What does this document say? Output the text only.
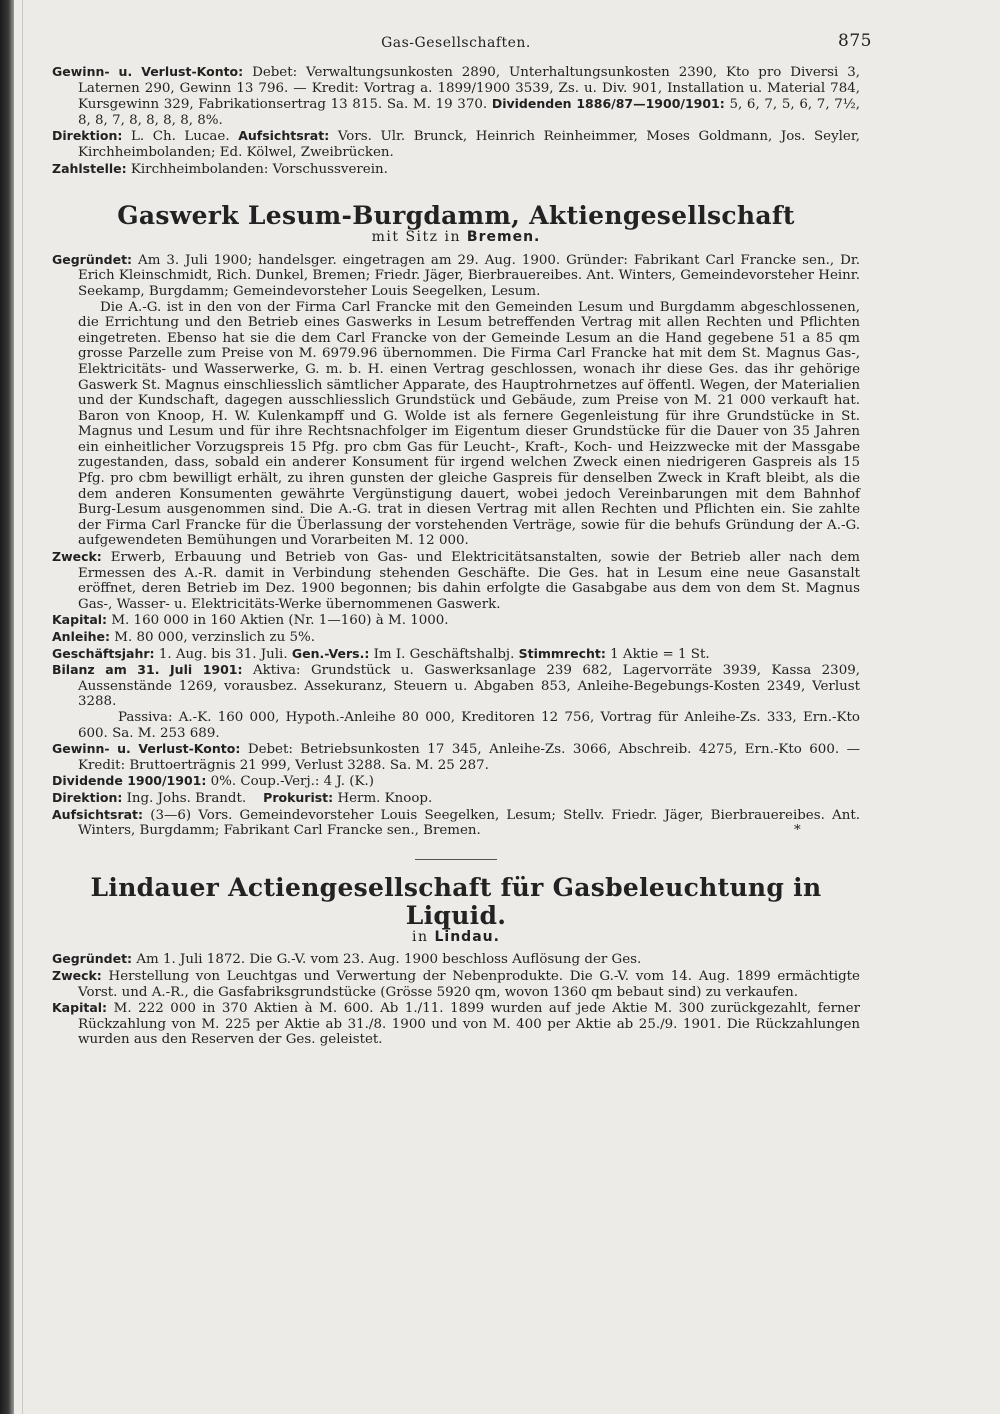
Gas-Gesellschaften.	875

Gewinn- u. Verlust-Konto: Debet: Verwaltungsunkosten 2890, Unterhaltungsunkosten 2390, Kto pro Diversi 3, Laternen 290, Gewinn 13 796. — Kredit: Vortrag a. 1899/1900 3539, Zs. u. Div. 901, Installation u. Material 784, Kursgewinn 329, Fabrikationsertrag 13 815. Sa. M. 19 370. Dividenden 1886/87—1900/1901: 5, 6, 7, 5, 6, 7, 7½, 8, 8, 7, 8, 8, 8, 8, 8%.

Direktion: L. Ch. Lucae. Aufsichtsrat: Vors. Ulr. Brunck, Heinrich Reinheimmer, Moses Goldmann, Jos. Seyler, Kirchheimbolanden; Ed. Kölwel, Zweibrücken.

Zahlstelle: Kirchheimbolanden: Vorschussverein.

Gaswerk Lesum-Burgdamm, Aktiengesellschaft

mit Sitz in Bremen.

Gegründet: Am 3. Juli 1900; handelsger. eingetragen am 29. Aug. 1900. Gründer: Fabrikant Carl Francke sen., Dr. Erich Kleinschmidt, Rich. Dunkel, Bremen; Friedr. Jäger, Bierbrauereibes. Ant. Winters, Gemeindevorsteher Heinr. Seekamp, Burgdamm; Gemeindevorsteher Louis Seegelken, Lesum.

Die A.-G. ist in den von der Firma Carl Francke mit den Gemeinden Lesum und Burgdamm abgeschlossenen, die Errichtung und den Betrieb eines Gaswerks in Lesum betreffenden Vertrag mit allen Rechten und Pflichten eingetreten. Ebenso hat sie die dem Carl Francke von der Gemeinde Lesum an die Hand gegebene 51 a 85 qm grosse Parzelle zum Preise von M. 6979.96 übernommen. Die Firma Carl Francke hat mit dem St. Magnus Gas-, Elektricitäts- und Wasserwerke, G. m. b. H. einen Vertrag geschlossen, wonach ihr diese Ges. das ihr gehörige Gaswerk St. Magnus einschliesslich sämtlicher Apparate, des Hauptrohrnetzes auf öffentl. Wegen, der Materialien und der Kundschaft, dagegen ausschliesslich Grundstück und Gebäude, zum Preise von M. 21 000 verkauft hat. Baron von Knoop, H. W. Kulenkampff und G. Wolde ist als fernere Gegenleistung für ihre Grundstücke in St. Magnus und Lesum und für ihre Rechtsnachfolger im Eigentum dieser Grundstücke für die Dauer von 35 Jahren ein einheitlicher Vorzugspreis 15 Pfg. pro cbm Gas für Leucht-, Kraft-, Koch- und Heizzwecke mit der Massgabe zugestanden, dass, sobald ein anderer Konsument für irgend welchen Zweck einen niedrigeren Gaspreis als 15 Pfg. pro cbm bewilligt erhält, zu ihren gunsten der gleiche Gaspreis für denselben Zweck in Kraft bleibt, als die dem anderen Konsumenten gewährte Vergünstigung dauert, wobei jedoch Vereinbarungen mit dem Bahnhof Burg-Lesum ausgenommen sind. Die A.-G. trat in diesen Vertrag mit allen Rechten und Pflichten ein. Sie zahlte der Firma Carl Francke für die Überlassung der vorstehenden Verträge, sowie für die behufs Gründung der A.-G. aufgewendeten Bemühungen und Vorarbeiten M. 12 000.

Zweck: Erwerb, Erbauung und Betrieb von Gas- und Elektricitätsanstalten, sowie der Betrieb aller nach dem Ermessen des A.-R. damit in Verbindung stehenden Geschäfte. Die Ges. hat in Lesum eine neue Gasanstalt eröffnet, deren Betrieb im Dez. 1900 begonnen; bis dahin erfolgte die Gasabgabe aus dem von dem St. Magnus Gas-, Wasser- u. Elektricitäts-Werke übernommenen Gaswerk.

Kapital: M. 160 000 in 160 Aktien (Nr. 1—160) à M. 1000.

Anleihe: M. 80 000, verzinslich zu 5%.

Geschäftsjahr: 1. Aug. bis 31. Juli. Gen.-Vers.: Im I. Geschäftshalbj. Stimmrecht: 1 Aktie = 1 St.

Bilanz am 31. Juli 1901: Aktiva: Grundstück u. Gaswerksanlage 239 682, Lagervorräte 3939, Kassa 2309, Aussenstände 1269, vorausbez. Assekuranz, Steuern u. Abgaben 853, Anleihe-Begebungs-Kosten 2349, Verlust 3288.

Passiva: A.-K. 160 000, Hypoth.-Anleihe 80 000, Kreditoren 12 756, Vortrag für Anleihe-Zs. 333, Ern.-Kto 600. Sa. M. 253 689.

Gewinn- u. Verlust-Konto: Debet: Betriebsunkosten 17 345, Anleihe-Zs. 3066, Abschreib. 4275, Ern.-Kto 600. — Kredit: Bruttoerträgnis 21 999, Verlust 3288. Sa. M. 25 287.

Dividende 1900/1901: 0%. Coup.-Verj.: 4 J. (K.)

Direktion: Ing. Johs. Brandt. Prokurist: Herm. Knoop.

Aufsichtsrat: (3—6) Vors. Gemeindevorsteher Louis Seegelken, Lesum; Stellv. Friedr. Jäger, Bierbrauereibes. Ant. Winters, Burgdamm; Fabrikant Carl Francke sen., Bremen.	*

Lindauer Actiengesellschaft für Gasbeleuchtung in Liquid.

in Lindau.

Gegründet: Am 1. Juli 1872. Die G.-V. vom 23. Aug. 1900 beschloss Auflösung der Ges.

Zweck: Herstellung von Leuchtgas und Verwertung der Nebenprodukte. Die G.-V. vom 14. Aug. 1899 ermächtigte Vorst. und A.-R., die Gasfabriksgrundstücke (Grösse 5920 qm, wovon 1360 qm bebaut sind) zu verkaufen.

Kapital: M. 222 000 in 370 Aktien à M. 600. Ab 1./11. 1899 wurden auf jede Aktie M. 300 zurückgezahlt, ferner Rückzahlung von M. 225 per Aktie ab 31./8. 1900 und von M. 400 per Aktie ab 25./9. 1901. Die Rückzahlungen wurden aus den Reserven der Ges. geleistet.
